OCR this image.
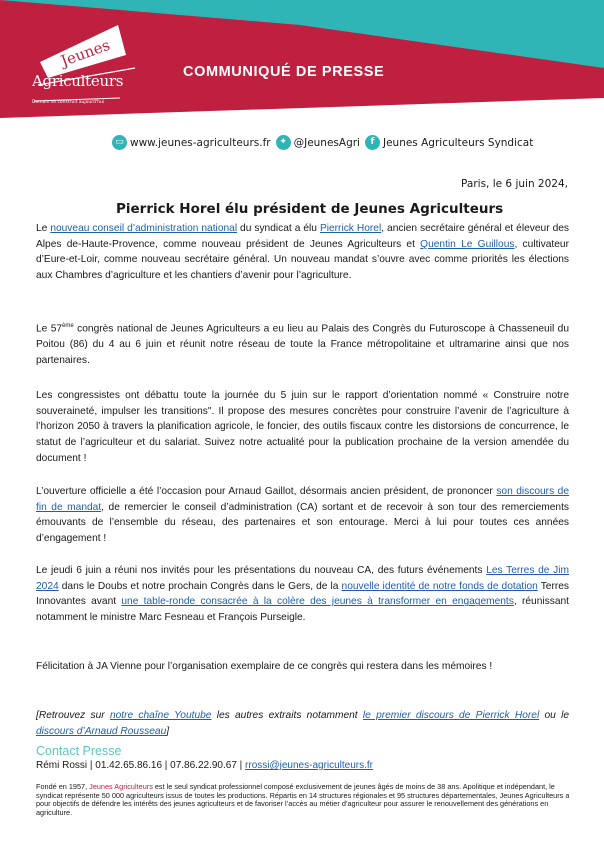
Jeunes
Agriculteurs
Demain se construit aujourd'hui
COMMUNIQUÉ DE PRESSE
▭ www.jeunes-agriculteurs.fr ✦ @JeunesAgri	f Jeunes Agriculteurs Syndicat
Paris, le 6 juin 2024,
Pierrick Horel élu président de Jeunes Agriculteurs
Le nouveau conseil d’administration national du syndicat a élu Pierrick Horel, ancien secrétaire général et éleveur des Alpes de-Haute-Provence, comme nouveau président de Jeunes Agriculteurs et Quentin Le Guillous, cultivateur d’Eure-et-Loir, comme nouveau secrétaire général. Un nouveau mandat s’ouvre avec comme priorités les élections aux Chambres d’agriculture et les chantiers d’avenir pour l’agriculture.
Le 57ème congrès national de Jeunes Agriculteurs a eu lieu au Palais des Congrès du Futuroscope à Chasseneuil du Poitou (86) du 4 au 6 juin et réunit notre réseau de toute la France métropolitaine et ultramarine ainsi que nos partenaires.
Les congressistes ont débattu toute la journée du 5 juin sur le rapport d’orientation nommé « Construire notre souveraineté, impulser les transitions". Il propose des mesures concrètes pour construire l’avenir de l’agriculture à l’horizon 2050 à travers la planification agricole, le foncier, des outils fiscaux contre les distorsions de concurrence, le statut de l’agriculteur et du salariat. Suivez notre actualité pour la publication prochaine de la version amendée du document !
L’ouverture officielle a été l’occasion pour Arnaud Gaillot, désormais ancien président, de prononcer son discours de fin de mandat, de remercier le conseil d’administration (CA) sortant et de recevoir à son tour des remerciements émouvants de l’ensemble du réseau, des partenaires et son entourage. Merci à lui pour toutes ces années d’engagement !
Le jeudi 6 juin a réuni nos invités pour les présentations du nouveau CA, des futurs événements Les Terres de Jim 2024 dans le Doubs et notre prochain Congrès dans le Gers, de la nouvelle identité de notre fonds de dotation Terres Innovantes avant une table-ronde consacrée à la colère des jeunes à transformer en engagements, réunissant notamment le ministre Marc Fesneau et François Purseigle.
Félicitation à JA Vienne pour l’organisation exemplaire de ce congrès qui restera dans les mémoires !
[Retrouvez sur notre chaîne Youtube les autres extraits notamment le premier discours de Pierrick Horel ou le discours d’Arnaud Rousseau]
Contact Presse
Rémi Rossi | 01.42.65.86.16 | 07.86.22.90.67 | rrossi@jeunes-agriculteurs.fr
Fondé en 1957, Jeunes Agriculteurs est le seul syndicat professionnel composé exclusivement de jeunes âgés de moins de 38 ans. Apolitique et indépendant, le syndicat représente 50 000 agriculteurs issus de toutes les productions. Répartis en 14 structures régionales et 95 structures départementales, Jeunes Agriculteurs a pour objectifs de défendre les intérêts des jeunes agriculteurs et de favoriser l’accès au métier d’agriculteur pour assurer le renouvellement des générations en agriculture.
